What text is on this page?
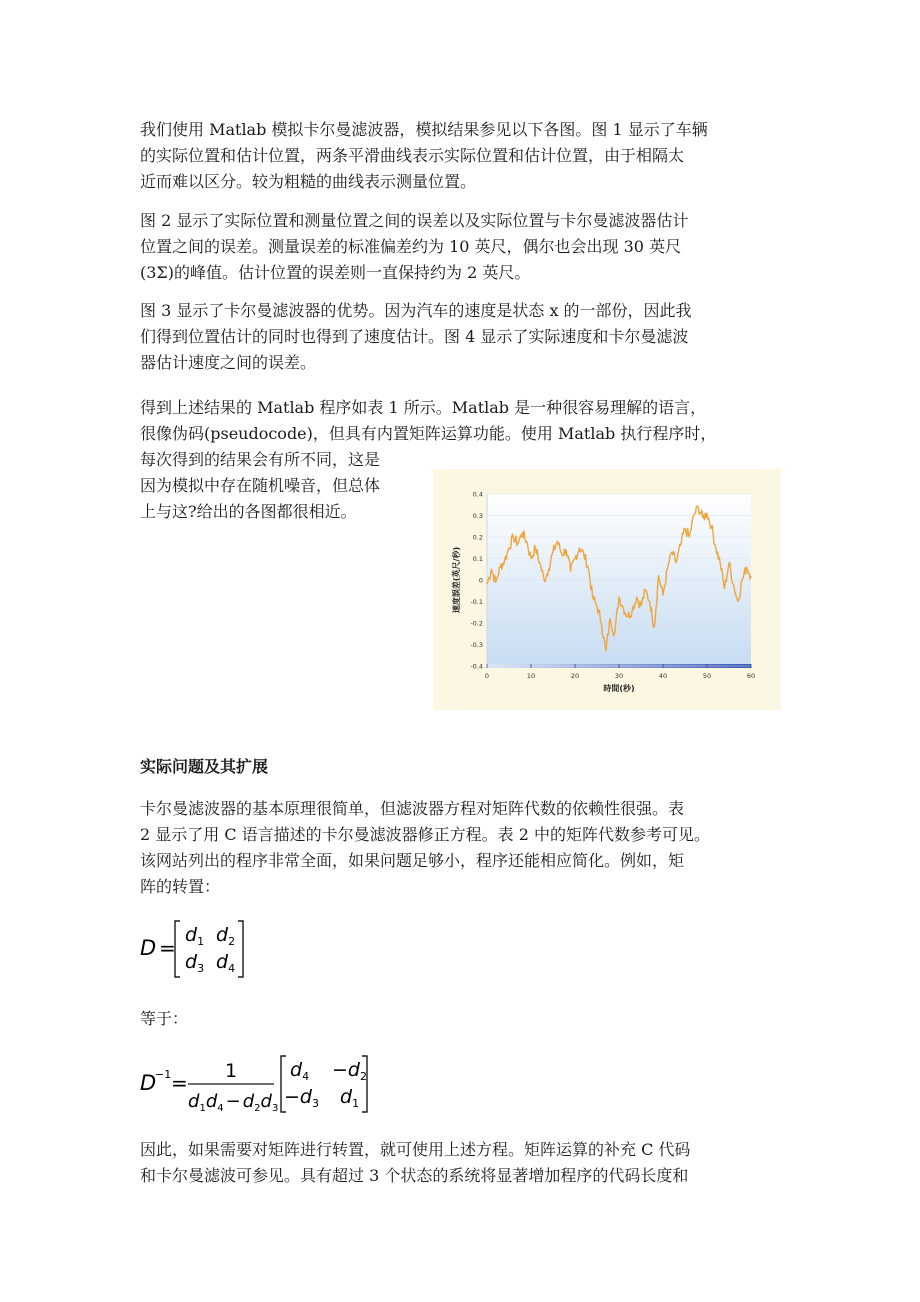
我们使用 Matlab 模拟卡尔曼滤波器，模拟结果参见以下各图。图 1 显示了车辆
的实际位置和估计位置，两条平滑曲线表示实际位置和估计位置，由于相隔太
近而难以区分。较为粗糙的曲线表示测量位置。

图 2 显示了实际位置和测量位置之间的误差以及实际位置与卡尔曼滤波器估计
位置之间的误差。测量误差的标准偏差约为 10 英尺，偶尔也会出现 30 英尺
(3Σ)的峰值。估计位置的误差则一直保持约为 2 英尺。

图 3 显示了卡尔曼滤波器的优势。因为汽车的速度是状态 x 的一部份，因此我
们得到位置估计的同时也得到了速度估计。图 4 显示了实际速度和卡尔曼滤波
器估计速度之间的误差。

得到上述结果的 Matlab 程序如表 1 所示。Matlab 是一种很容易理解的语言，
很像伪码(pseudocode)，但具有内置矩阵运算功能。使用 Matlab 执行程序时，
每次得到的结果会有所不同，这是
因为模拟中存在随机噪音，但总体
上与这?给出的各图都很相近。

0.4
0.3
0.2
0.1
0
-0.1
-0.2
-0.3
-0.4
0	10	20	30	40	50	60
時間(秒)
速度誤差(英尺/秒)
实际问题及其扩展

卡尔曼滤波器的基本原理很简单，但滤波器方程对矩阵代数的依赖性很强。表
2 显示了用 C 语言描述的卡尔曼滤波器修正方程。表 2 中的矩阵代数参考可见。
该网站列出的程序非常全面，如果问题足够小，程序还能相应简化。例如，矩
阵的转置：

D =
$d_1$ $d_2$
$d_3$ $d_4$

等于：

D
−1 = 1
$d_1d_4 - d_2d_3$
$d_4 -d_2$
$-d_3$ $d_1$

因此，如果需要对矩阵进行转置，就可使用上述方程。矩阵运算的补充 C 代码
和卡尔曼滤波可参见。具有超过 3 个状态的系统将显著增加程序的代码长度和
